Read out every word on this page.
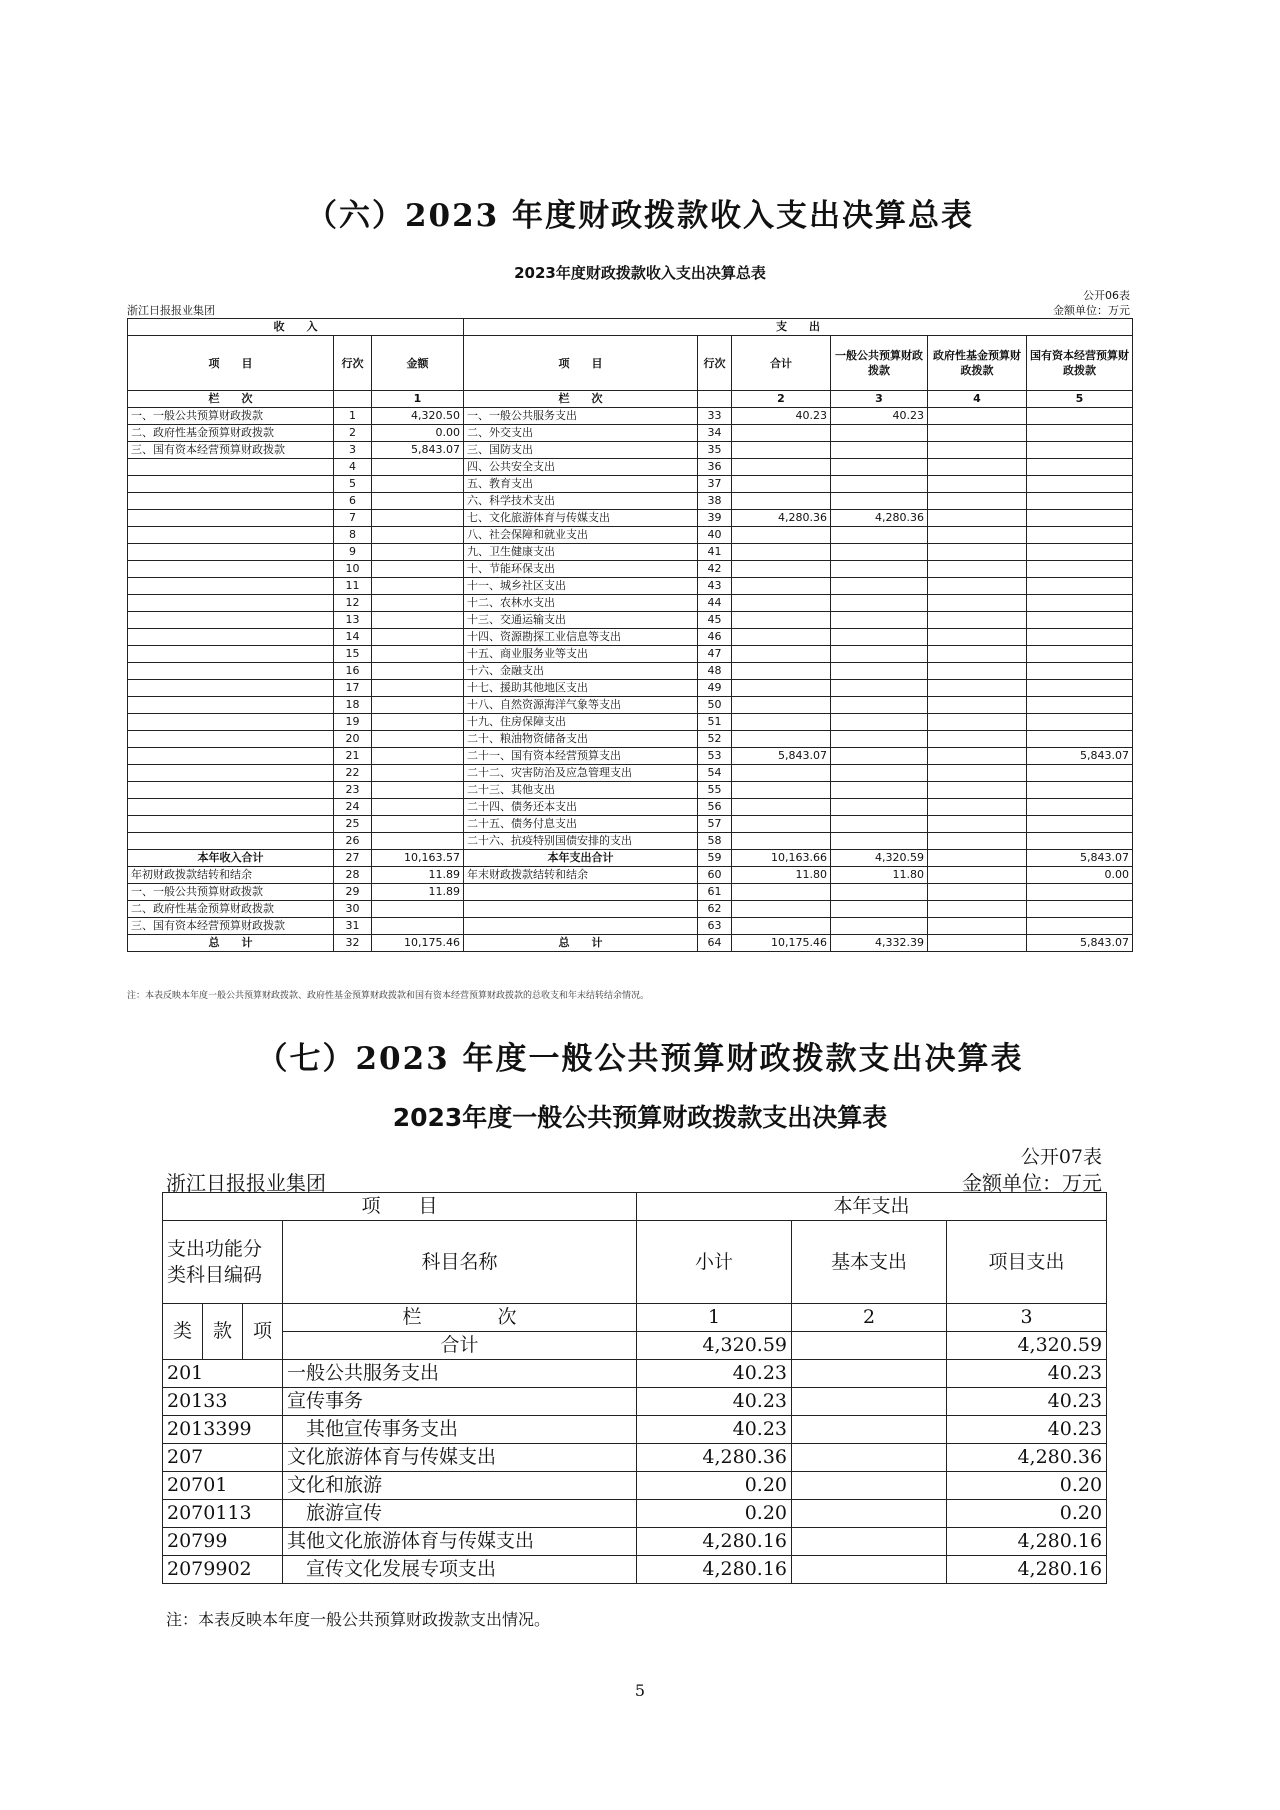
（六）2023 年度财政拨款收入支出决算总表
2023年度财政拨款收入支出决算总表
公开06表
浙江日报报业集团	金额单位：万元
收　　入			支　　出					
项　　目	行次	金额	项　　目	行次	合计	一般公共预算财政拨款	政府性基金预算财政拨款	国有资本经营预算财政拨款
栏　　次		1	栏　　次		2	3	4	5
一、一般公共预算财政拨款	1	4,320.50	一、一般公共服务支出	33	40.23	40.23		
二、政府性基金预算财政拨款	2	0.00	二、外交支出	34				
三、国有资本经营预算财政拨款	3	5,843.07	三、国防支出	35				
	4		四、公共安全支出	36				
	5		五、教育支出	37				
	6		六、科学技术支出	38				
	7		七、文化旅游体育与传媒支出	39	4,280.36	4,280.36		
	8		八、社会保障和就业支出	40				
	9		九、卫生健康支出	41				
	10		十、节能环保支出	42				
	11		十一、城乡社区支出	43				
	12		十二、农林水支出	44				
	13		十三、交通运输支出	45				
	14		十四、资源勘探工业信息等支出	46				
	15		十五、商业服务业等支出	47				
	16		十六、金融支出	48				
	17		十七、援助其他地区支出	49				
	18		十八、自然资源海洋气象等支出	50				
	19		十九、住房保障支出	51				
	20		二十、粮油物资储备支出	52				
	21		二十一、国有资本经营预算支出	53	5,843.07			5,843.07
	22		二十二、灾害防治及应急管理支出	54				
	23		二十三、其他支出	55				
	24		二十四、债务还本支出	56				
	25		二十五、债务付息支出	57				
	26		二十六、抗疫特别国债安排的支出	58				
本年收入合计	27	10,163.57	本年支出合计	59	10,163.66	4,320.59		5,843.07
年初财政拨款结转和结余	28	11.89	年末财政拨款结转和结余	60	11.80	11.80		0.00
一、一般公共预算财政拨款	29	11.89		61				
二、政府性基金预算财政拨款	30			62				
三、国有资本经营预算财政拨款	31			63				
总　　计	32	10,175.46	总　　计	64	10,175.46	4,332.39		5,843.07
注：本表反映本年度一般公共预算财政拨款、政府性基金预算财政拨款和国有资本经营预算财政拨款的总收支和年末结转结余情况。
（七）2023 年度一般公共预算财政拨款支出决算表
2023年度一般公共预算财政拨款支出决算表
公开07表
浙江日报报业集团	金额单位：万元
项　　目				本年支出		
支出功能分类科目编码			科目名称	小计	基本支出	项目支出
类	款	项	栏　　　　次	1	2	3
			合计	4,320.59		4,320.59
201			一般公共服务支出	40.23		40.23
20133			宣传事务	40.23		40.23
2013399			　其他宣传事务支出	40.23		40.23
207			文化旅游体育与传媒支出	4,280.36		4,280.36
20701			文化和旅游	0.20		0.20
2070113			　旅游宣传	0.20		0.20
20799			其他文化旅游体育与传媒支出	4,280.16		4,280.16
2079902			　宣传文化发展专项支出	4,280.16		4,280.16
注：本表反映本年度一般公共预算财政拨款支出情况。
5
